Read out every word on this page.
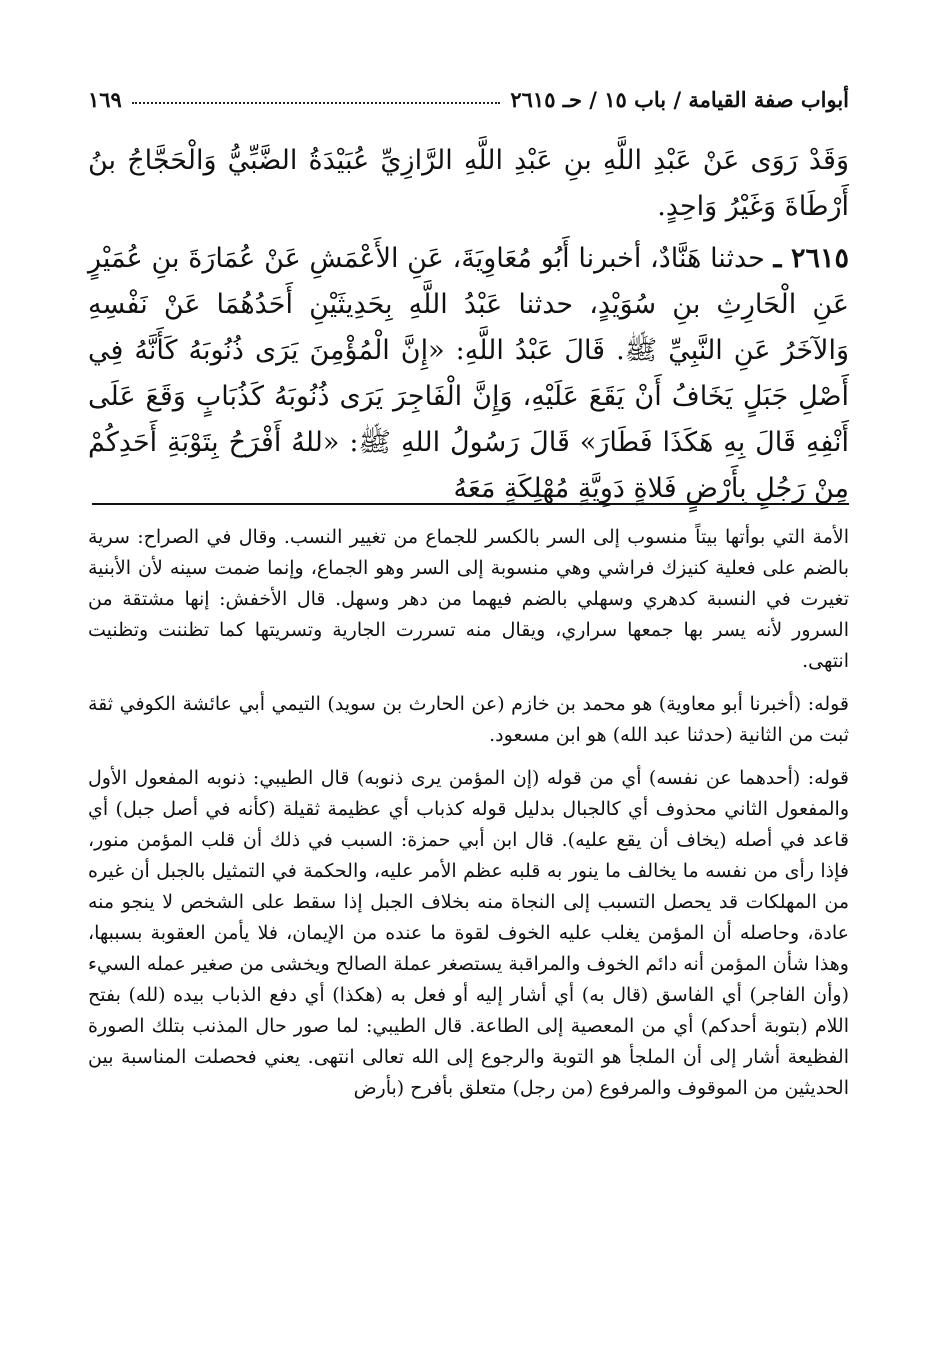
أبواب صفة القيامة / باب ١٥ / حـ ٢٦١٥
١٦٩

وَقَدْ رَوَى عَنْ عَبْدِ اللَّهِ بنِ عَبْدِ اللَّهِ الرَّازِيِّ عُبَيْدَةُ الضَّبِّيُّ وَالْحَجَّاجُ بنُ أَرْطَاةَ وَغَيْرُ وَاحِدٍ.

٢٦١٥ ـ حدثنا هَنَّادٌ، أخبرنا أَبُو مُعَاوِيَةَ، عَنِ الأَعْمَشِ عَنْ عُمَارَةَ بنِ عُمَيْرٍ عَنِ الْحَارِثِ بنِ سُوَيْدٍ، حدثنا عَبْدُ اللَّهِ بِحَدِيثَيْنِ أَحَدُهُمَا عَنْ نَفْسِهِ وَالآخَرُ عَنِ النَّبِيِّ ﷺ. قَالَ عَبْدُ اللَّهِ: «إِنَّ الْمُؤْمِنَ يَرَى ذُنُوبَهُ كَأَنَّهُ فِي أَصْلِ جَبَلٍ يَخَافُ أَنْ يَقَعَ عَلَيْهِ، وَإِنَّ الْفَاجِرَ يَرَى ذُنُوبَهُ كَذُبَابٍ وَقَعَ عَلَى أَنْفِهِ قَالَ بِهِ هَكَذَا فَطَارَ» قَالَ رَسُولُ اللهِ ﷺ: «للهُ أَفْرَحُ بِتَوْبَةِ أَحَدِكُمْ مِنْ رَجُلٍ بِأَرْضٍ فَلاةٍ دَوِيَّةٍ مُهْلِكَةٍ مَعَهُ

الأمة التي بوأتها بيتاً منسوب إلى السر بالكسر للجماع من تغيير النسب. وقال في الصراح: سرية بالضم على فعلية كنيزك فراشي وهي منسوبة إلى السر وهو الجماع، وإنما ضمت سينه لأن الأبنية تغيرت في النسبة كدهري وسهلي بالضم فيهما من دهر وسهل. قال الأخفش: إنها مشتقة من السرور لأنه يسر بها جمعها سراري، ويقال منه تسررت الجارية وتسريتها كما تظننت وتظنيت انتهى.

قوله: (أخبرنا أبو معاوية) هو محمد بن خازم (عن الحارث بن سويد) التيمي أبي عائشة الكوفي ثقة ثبت من الثانية (حدثنا عبد الله) هو ابن مسعود.

قوله: (أحدهما عن نفسه) أي من قوله (إن المؤمن يرى ذنوبه) قال الطيبي: ذنوبه المفعول الأول والمفعول الثاني محذوف أي كالجبال بدليل قوله كذباب أي عظيمة ثقيلة (كأنه في أصل جبل) أي قاعد في أصله (يخاف أن يقع عليه). قال ابن أبي حمزة: السبب في ذلك أن قلب المؤمن منور، فإذا رأى من نفسه ما يخالف ما ينور به قلبه عظم الأمر عليه، والحكمة في التمثيل بالجبل أن غيره من المهلكات قد يحصل التسبب إلى النجاة منه بخلاف الجبل إذا سقط على الشخص لا ينجو منه عادة، وحاصله أن المؤمن يغلب عليه الخوف لقوة ما عنده من الإيمان، فلا يأمن العقوبة بسببها، وهذا شأن المؤمن أنه دائم الخوف والمراقبة يستصغر عملة الصالح ويخشى من صغير عمله السيء (وأن الفاجر) أي الفاسق (قال به) أي أشار إليه أو فعل به (هكذا) أي دفع الذباب بيده (لله) بفتح اللام (بتوبة أحدكم) أي من المعصية إلى الطاعة. قال الطيبي: لما صور حال المذنب بتلك الصورة الفظيعة أشار إلى أن الملجأ هو التوبة والرجوع إلى الله تعالى انتهى. يعني فحصلت المناسبة بين الحديثين من الموقوف والمرفوع (من رجل) متعلق بأفرح (بأرض
